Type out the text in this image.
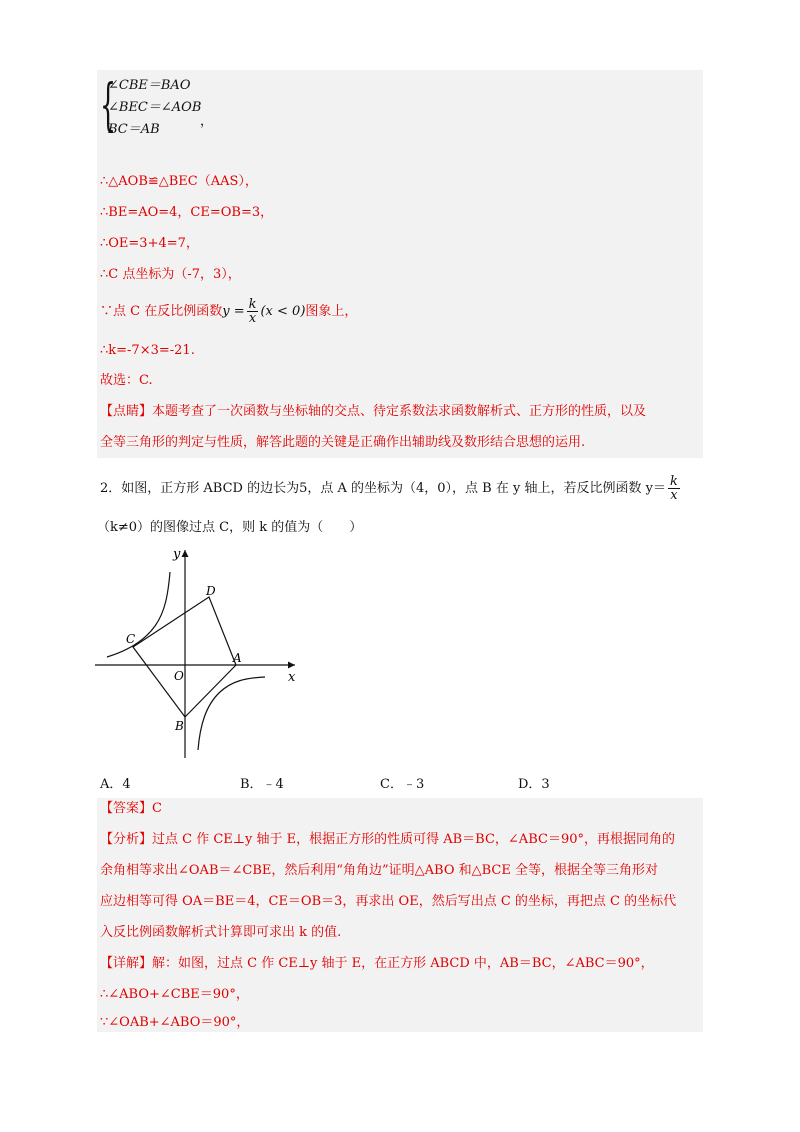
{
∠CBE＝BAO
∠BEC＝∠AOB
BC＝AB
，
∴△AOB≌△BEC（AAS），
∴BE=AO=4，CE=OB=3，
∴OE=3+4=7，
∴C 点坐标为（-7，3），
∵点 C 在反比例函数$y = \frac{k}{x} (x < 0)$图象上，
∴k=-7×3=-21.
故选：C.
【点睛】本题考查了一次函数与坐标轴的交点、待定系数法求函数解析式、正方形的性质，以及
全等三角形的判定与性质，解答此题的关键是正确作出辅助线及数形结合思想的运用.
2．如图，正方形 ABCD 的边长为5，点 A 的坐标为（4，0），点 B 在 y 轴上，若反比例函数 $y= \frac{k}{x}$
（k≠0）的图像过点 C，则 k 的值为（　　）
y
x
O
A
B
C
D
A．4	B．﹣4	C．﹣3	D．3
【答案】C
【分析】过点 C 作 CE⊥y 轴于 E，根据正方形的性质可得 AB＝BC，∠ABC＝90°，再根据同角的
余角相等求出∠OAB＝∠CBE，然后利用“角角边”证明△ABO 和△BCE 全等，根据全等三角形对
应边相等可得 OA＝BE＝4，CE＝OB＝3，再求出 OE，然后写出点 C 的坐标，再把点 C 的坐标代
入反比例函数解析式计算即可求出 k 的值.
【详解】解：如图，过点 C 作 CE⊥y 轴于 E，在正方形 ABCD 中，AB＝BC，∠ABC＝90°，
∴∠ABO+∠CBE＝90°，
∵∠OAB+∠ABO＝90°，
